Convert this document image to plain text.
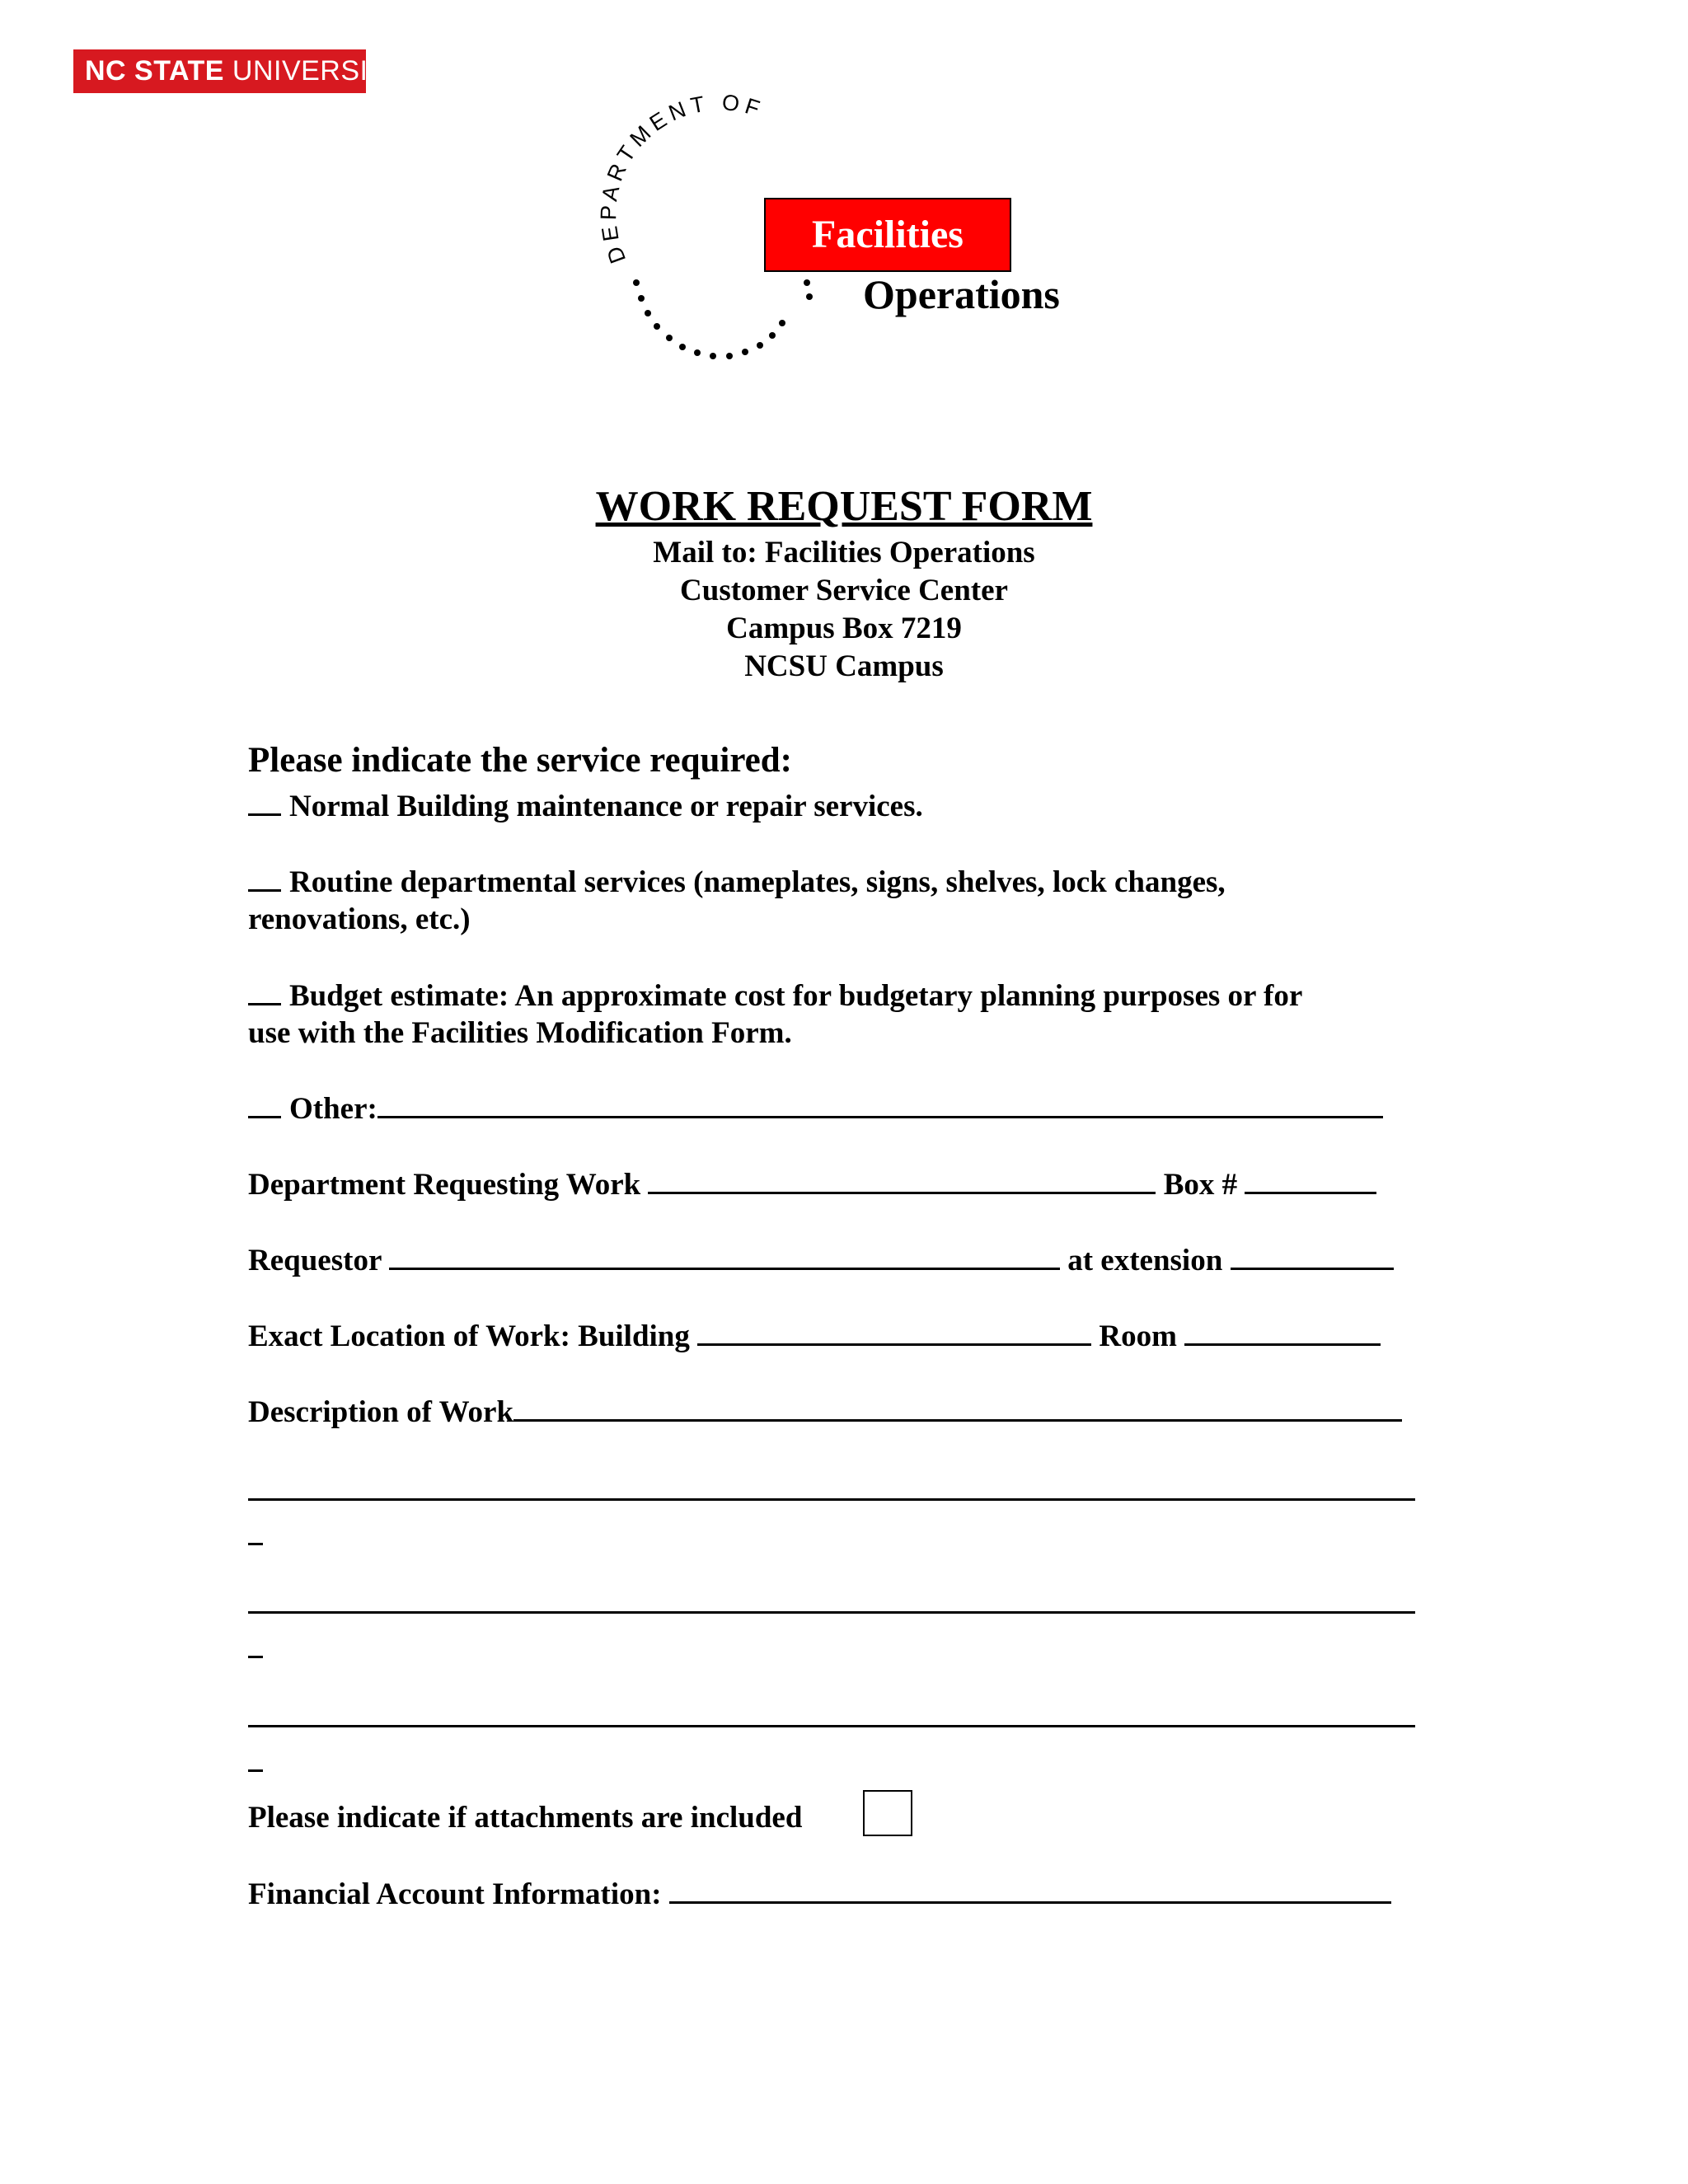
NC STATE UNIVERSITY
DEPARTMENT OF
Facilities
Operations
WORK REQUEST FORM
Mail to: Facilities Operations
Customer Service Center
Campus Box 7219
NCSU Campus
Please indicate the service required:
Normal Building maintenance or repair services.
Routine departmental services (nameplates, signs, shelves, lock changes,
renovations, etc.)
Budget estimate: An approximate cost for budgetary planning purposes or for
use with the Facilities Modification Form.
Other:
Department Requesting Work	Box #
Requestor	at extension
Exact Location of Work: Building	Room
Description of Work
Please indicate if attachments are included
Financial Account Information:
